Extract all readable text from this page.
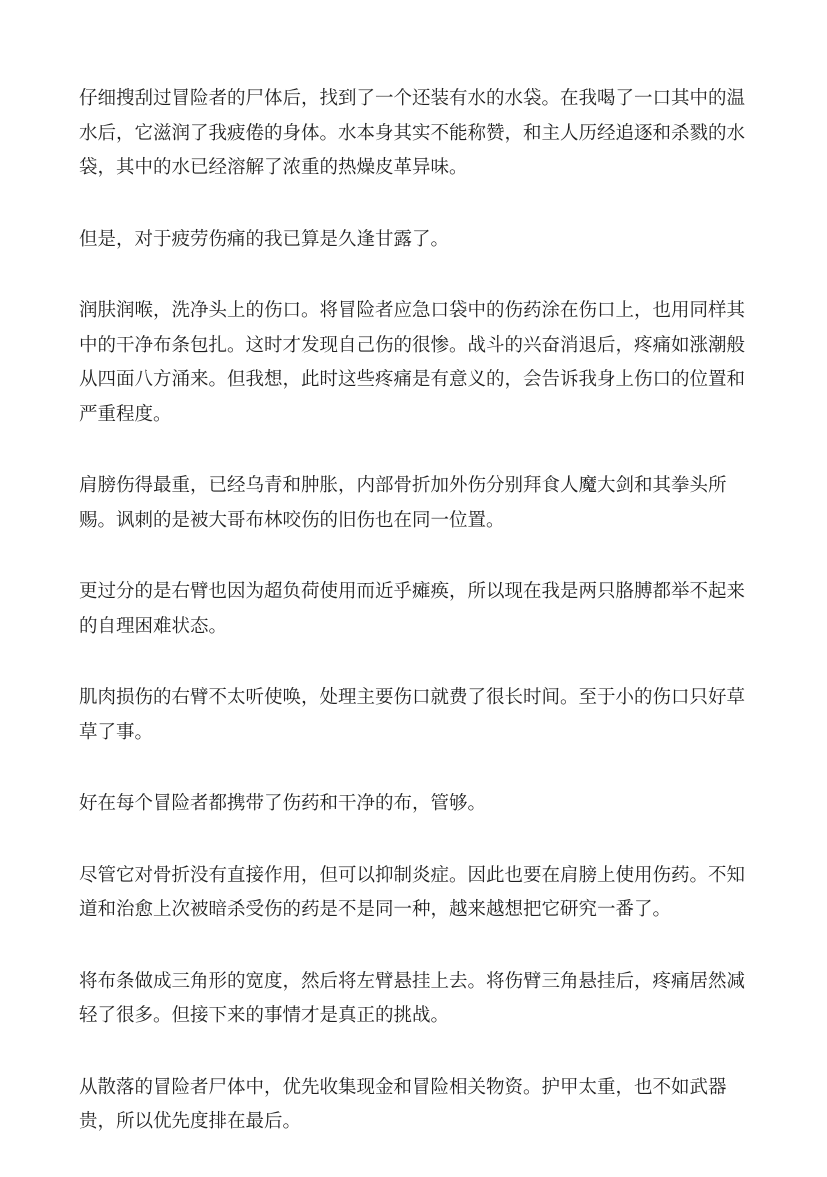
仔细搜刮过冒险者的尸体后，找到了一个还装有水的水袋。在我喝了一口其中的温水后，它滋润了我疲倦的身体。水本身其实不能称赞，和主人历经追逐和杀戮的水袋，其中的水已经溶解了浓重的热燥皮革异味。

但是，对于疲劳伤痛的我已算是久逢甘露了。

润肤润喉，洗净头上的伤口。将冒险者应急口袋中的伤药涂在伤口上，也用同样其中的干净布条包扎。这时才发现自己伤的很惨。战斗的兴奋消退后，疼痛如涨潮般从四面八方涌来。但我想，此时这些疼痛是有意义的，会告诉我身上伤口的位置和严重程度。

肩膀伤得最重，已经乌青和肿胀，内部骨折加外伤分别拜食人魔大剑和其拳头所赐。讽刺的是被大哥布林咬伤的旧伤也在同一位置。

更过分的是右臂也因为超负荷使用而近乎瘫痪，所以现在我是两只胳膊都举不起来的自理困难状态。

肌肉损伤的右臂不太听使唤，处理主要伤口就费了很长时间。至于小的伤口只好草草了事。

好在每个冒险者都携带了伤药和干净的布，管够。

尽管它对骨折没有直接作用，但可以抑制炎症。因此也要在肩膀上使用伤药。不知道和治愈上次被暗杀受伤的药是不是同一种，越来越想把它研究一番了。

将布条做成三角形的宽度，然后将左臂悬挂上去。将伤臂三角悬挂后，疼痛居然减轻了很多。但接下来的事情才是真正的挑战。

从散落的冒险者尸体中，优先收集现金和冒险相关物资。护甲太重，也不如武器贵，所以优先度排在最后。
